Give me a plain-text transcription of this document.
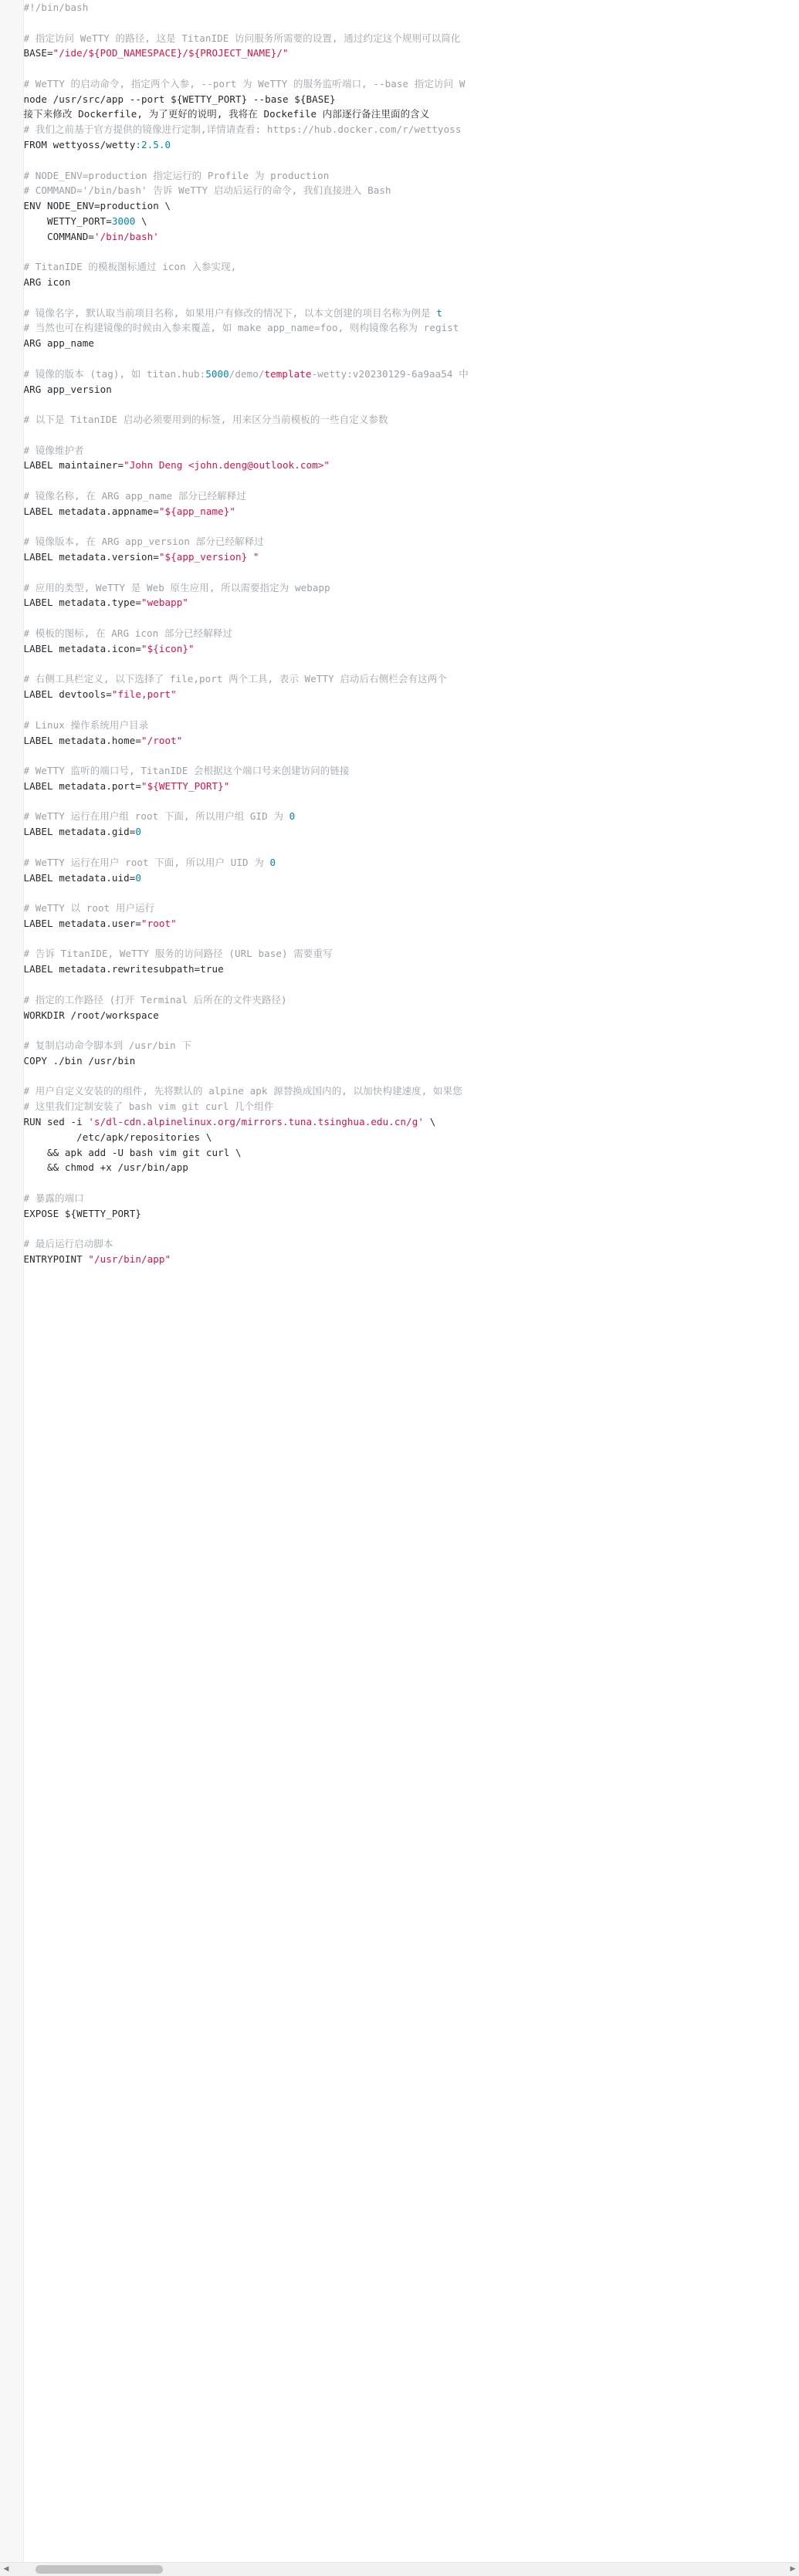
	#!/bin/bash

	# 指定访问 WeTTY 的路径, 这是 TitanIDE 访问服务所需要的设置, 通过约定这个规则可以简化
	BASE="/ide/${POD_NAMESPACE}/${PROJECT_NAME}/"

	# WeTTY 的启动命令, 指定两个入参, --port 为 WeTTY 的服务监听端口, --base 指定访问 W
	node /usr/src/app --port ${WETTY_PORT} --base ${BASE}
	接下来修改 Dockerfile, 为了更好的说明, 我将在 Dockefile 内部逐行备注里面的含义
	# 我们之前基于官方提供的镜像进行定制,详情请查看: https://hub.docker.com/r/wettyoss
	FROM wettyoss/wetty:2.5.0

	# NODE_ENV=production 指定运行的 Profile 为 production
	# COMMAND='/bin/bash' 告诉 WeTTY 启动后运行的命令, 我们直接进入 Bash
	ENV NODE_ENV=production \
	WETTY_PORT=3000 \
	COMMAND='/bin/bash'

	# TitanIDE 的模板图标通过 icon 入参实现,
	ARG icon

	# 镜像名字, 默认取当前项目名称, 如果用户有修改的情况下, 以本文创建的项目名称为例是 t
	# 当然也可在构建镜像的时候由入参来覆盖, 如 make app_name=foo, 则构镜像名称为 regist
	ARG app_name

	# 镜像的版本 (tag), 如 titan.hub:5000/demo/template-wetty:v20230129-6a9aa54 中
	ARG app_version

	# 以下是 TitanIDE 启动必须要用到的标签, 用来区分当前模板的一些自定义参数

	# 镜像维护者
	LABEL maintainer="John Deng <john.deng@outlook.com>"

	# 镜像名称, 在 ARG app_name 部分已经解释过
	LABEL metadata.appname="${app_name}"

	# 镜像版本, 在 ARG app_version 部分已经解释过
	LABEL metadata.version="${app_version} "

	# 应用的类型, WeTTY 是 Web 原生应用, 所以需要指定为 webapp
	LABEL metadata.type="webapp"

	# 模板的图标, 在 ARG icon 部分已经解释过
	LABEL metadata.icon="${icon}"

	# 右侧工具栏定义, 以下选择了 file,port 两个工具, 表示 WeTTY 启动后右侧栏会有这两个
	LABEL devtools="file,port"

	# Linux 操作系统用户目录
	LABEL metadata.home="/root"

	# WeTTY 监听的端口号, TitanIDE 会根据这个端口号来创建访问的链接
	LABEL metadata.port="${WETTY_PORT}"

	# WeTTY 运行在用户组 root 下面, 所以用户组 GID 为 0
	LABEL metadata.gid=0

	# WeTTY 运行在用户 root 下面, 所以用户 UID 为 0
	LABEL metadata.uid=0

	# WeTTY 以 root 用户运行
	LABEL metadata.user="root"

	# 告诉 TitanIDE, WeTTY 服务的访问路径 (URL base) 需要重写
	LABEL metadata.rewritesubpath=true

	# 指定的工作路径 (打开 Terminal 后所在的文件夹路径)
	WORKDIR /root/workspace

	# 复制启动命令脚本到 /usr/bin 下
	COPY ./bin /usr/bin

	# 用户自定义安装的的组件, 先将默认的 alpine apk 源替换成国内的, 以加快构建速度, 如果您
	# 这里我们定制安装了 bash vim git curl 几个组件
	RUN sed -i 's/dl-cdn.alpinelinux.org/mirrors.tuna.tsinghua.edu.cn/g' \
	/etc/apk/repositories \
	&& apk add -U bash vim git curl \
	&& chmod +x /usr/bin/app

	# 暴露的端口
	EXPOSE ${WETTY_PORT}

	# 最后运行启动脚本
	ENTRYPOINT "/usr/bin/app"
◀	▶
